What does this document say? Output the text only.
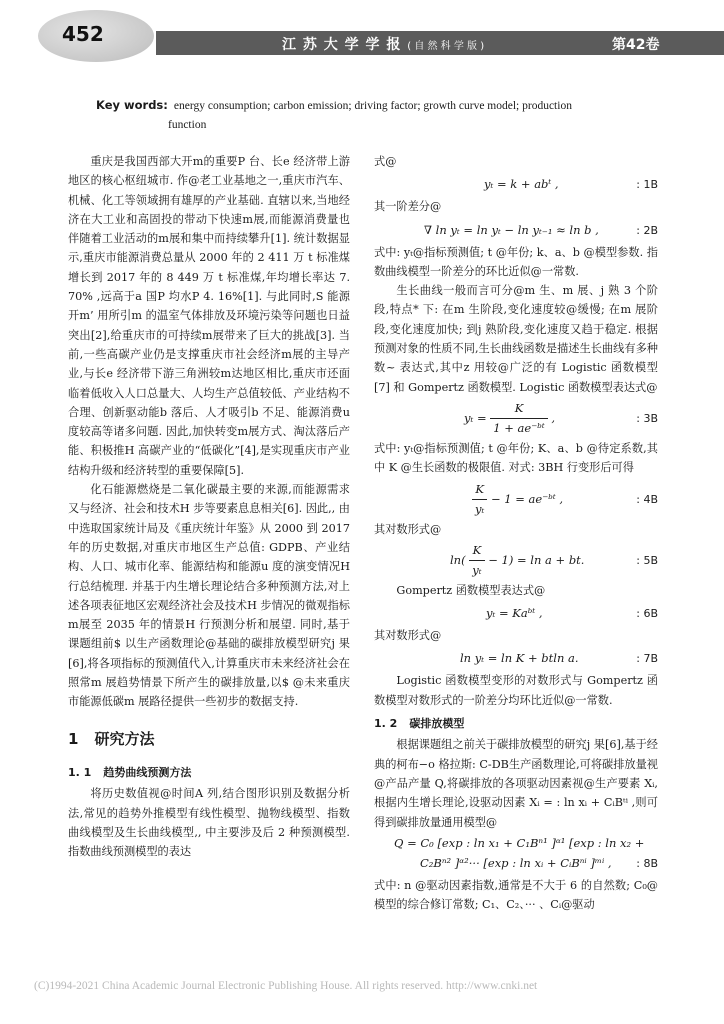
452	江 苏 大 学 学 报 ( 自 然 科 学 版 )	第42卷
Key words: energy consumption; carbon emission; driving factor; growth curve model; production
function

重庆是我国西部大开m的重要P 台、长e 经济带上游地区的核心枢纽城市. 作@老工业基地之一,重庆市汽车、机械、化工等领域拥有雄厚的产业基础. 直辖以来,当地经济在大工业和高固投的带动下快速m展,而能源消费量也伴随着工业活动的m展和集中而持续攀升[1]. 统计数据显示,重庆市能源消费总量从 2000 年的 2 411 万 t 标准煤增长到 2017 年的 8 449 万 t 标准煤,年均增长率达 7. 70% ,远高于a 国P 均水P 4. 16%[1]. 与此同时,S 能源开m’ 用所引m 的温室气体排放及环境污染等问题也日益突出[2],给重庆市的可持续m展带来了巨大的挑战[3]. 当前,一些高碳产业仍是支撑重庆市社会经济m展的主导产业,与长e 经济带下游三角洲较m达地区相比,重庆市还面临着低收入人口总量大、人均生产总值较低、产业结构不合理、创新驱动能b 落后、人才吸引b 不足、能源消费u 度较高等诸多问题. 因此,加快转变m展方式、淘汰落后产能、积极推H 高碳产业的“低碳化”[4],是实现重庆市产业结构升级和经济转型的重要保障[5].

化石能源燃烧是二氧化碳最主要的来源,而能源需求又与经济、社会和技术H 步等要素息息相关[6]. 因此,, 由中选取国家统计局及《重庆统计年鉴》从 2000 到 2017 年的历史数据,对重庆市地区生产总值: GDPB、产业结构、人口、城市化率、能源结构和能源u 度的演变情况H 行总结梳理. 并基于内生增长理论结合多种预测方法,对上述各项表征地区宏观经济社会及技术H 步情况的微观指标m展至 2035 年的情景H 行预测分析和展望. 同时,基于课题组前$ 以生产函数理论@基础的碳排放模型研究j 果[6],将各项指标的预测值代入,计算重庆市未来经济社会在照常m 展趋势情景下所产生的碳排放量,以$ @未来重庆市能源低碳m 展路径提供一些初步的数据支持.

1 研究方法
1. 1 趋势曲线预测方法

将历史数值视@时间A 列,结合图形识别及数据分析法,常见的趋势外推模型有线性模型、抛物线模型、指数曲线模型及生长曲线模型,, 中主要涉及后 2 种预测模型. 指数曲线预测模型的表达

式@

yₜ = k + abᵗ ,	: 1B

其一阶差分@

∇ ln yₜ = ln yₜ − ln yₜ₋₁ ≈ ln b ,	: 2B

式中: yₜ@指标预测值; t @年份; k、a、b @模型参数. 指数曲线模型一阶差分的环比近似@一常数.

生长曲线一般而言可分@m 生、m 展、j 熟 3 个阶段,特点* 下: 在m 生阶段,变化速度较@缓慢; 在m 展阶段,变化速度加快; 到j 熟阶段,变化速度又趋于稳定. 根据预测对象的性质不同,生长曲线函数是描述生长曲线有多种数~ 表达式,其中z 用较@广泛的有 Logistic 函数模型[7] 和 Gompertz 函数模型. Logistic 函数模型表达式@

$y_t = \frac{K}{\text{1 + ae⁻ᵇᵗ}}$ ,	: 3B

式中: yₜ@指标预测值; t @年份; K、a、b @待定系数,其中 K @生长函数的极限值. 对式: 3BH 行变形后可得

$\frac{K}{\text{yₜ}} - 1$ = ae⁻ᵇᵗ ,	: 4B

其对数形式@

$\ln( \frac{K}{\text{yₜ}} - 1) = \ln a$ + bt.	: 5B

Gompertz 函数模型表达式@

yₜ = Kaᵇᵗ ,	: 6B

其对数形式@

ln yₜ = ln K + btln a.	: 7B

Logistic 函数模型变形的对数形式与 Gompertz 函数模型对数形式的一阶差分均环比近似@一常数.

1. 2 碳排放模型

根据课题组之前关于碳排放模型的研究j 果[6],基于经典的柯布−o 格拉斯: C-DB生产函数理论,可将碳排放量视@产品产量 Q,将碳排放的各项驱动因素视@生产要素 Xᵢ,根据内生增长理论,设驱动因素 Xᵢ = : ln xᵢ + CᵢBᵗⁱ ,则可得到碳排放量通用模型@

Q = C₀ [exp : ln x₁ + C₁Bⁿ¹ ]ᵅ¹ [exp : ln x₂ +
C₂Bⁿ² ]ᵅ²··· [exp : ln xᵢ + CᵢBⁿⁱ ]ᵐⁱ , : 8B

式中: n @驱动因素指数,通常是不大于 6 的自然数; C₀@模型的综合修订常数; C₁、C₂、··· 、Cᵢ@驱动

(C)1994-2021 China Academic Journal Electronic Publishing House. All rights reserved. http://www.cnki.net
